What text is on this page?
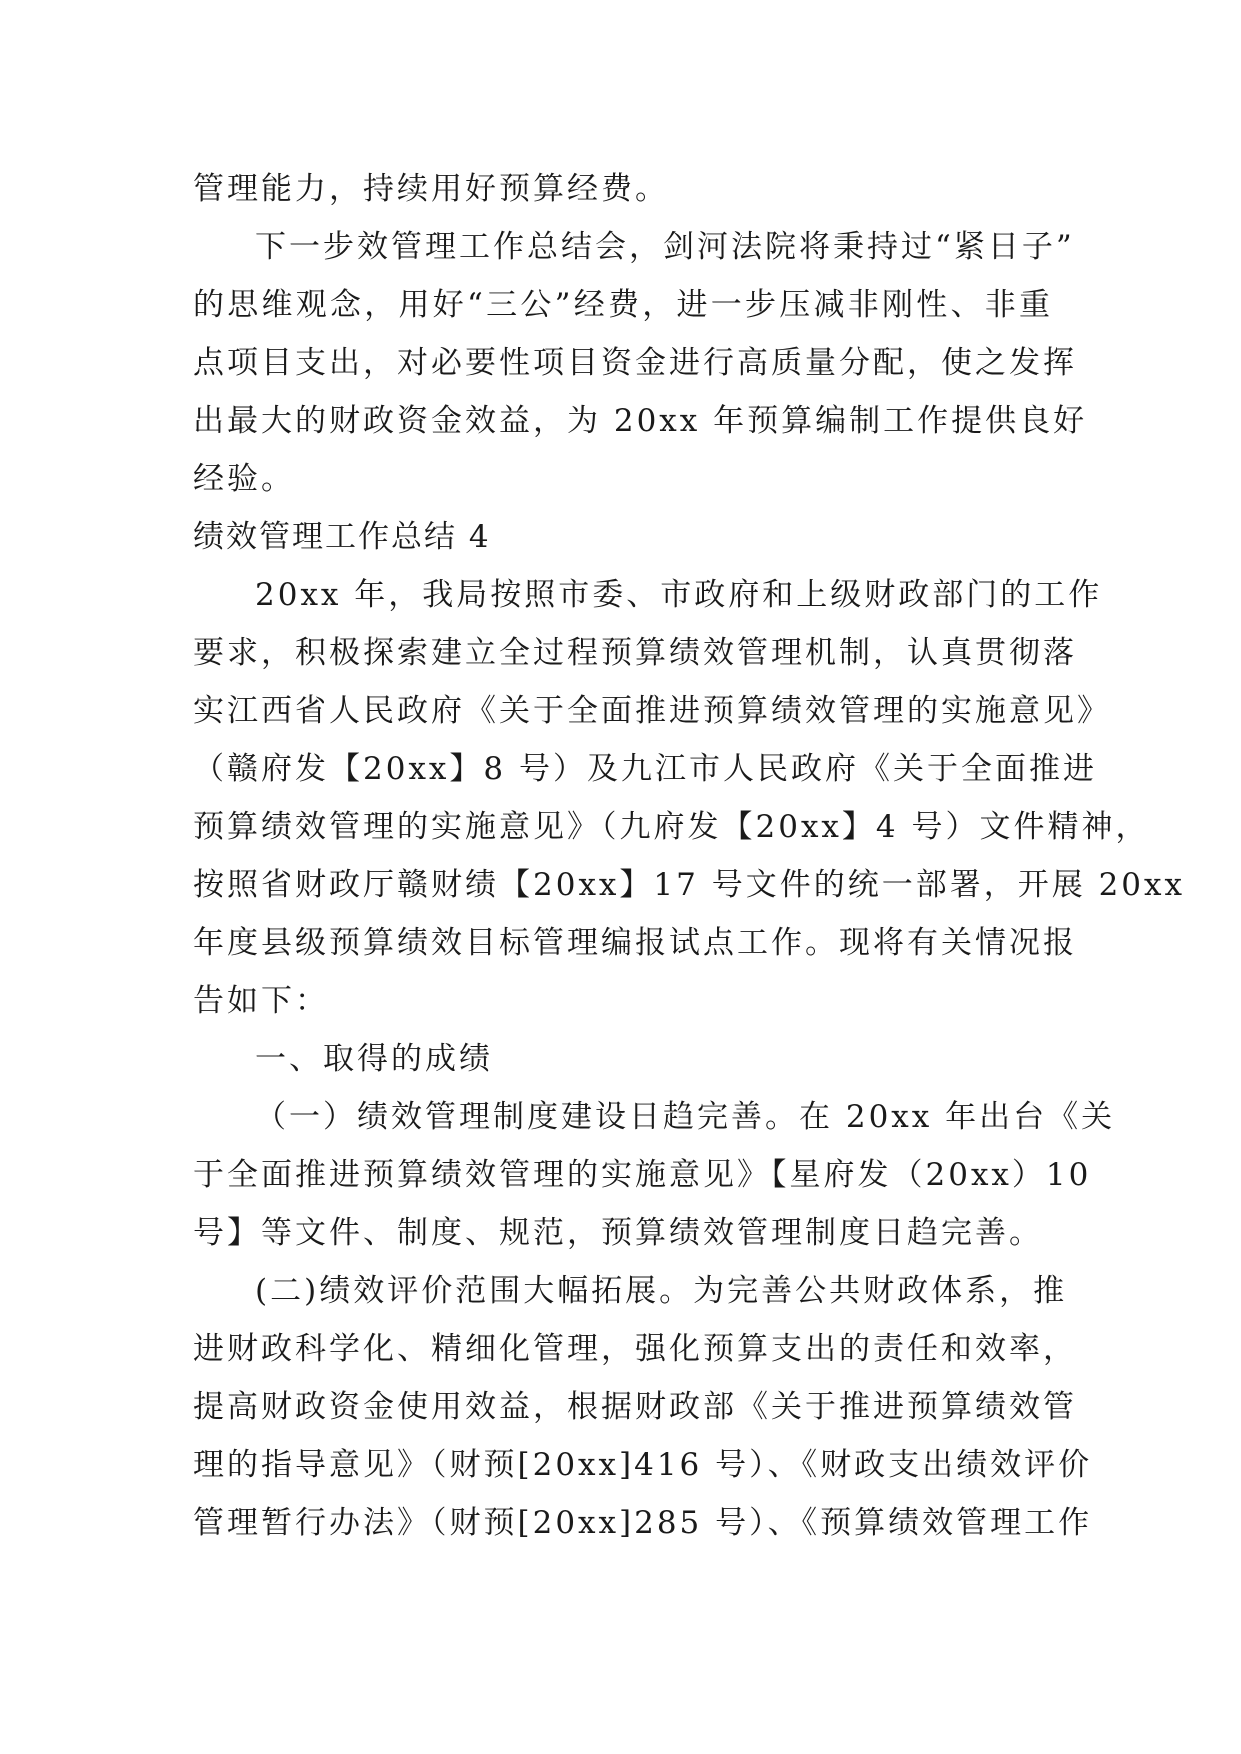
管理能力，持续用好预算经费。
下一步效管理工作总结会，剑河法院将秉持过“紧日子”
的思维观念，用好“三公”经费，进一步压减非刚性、非重
点项目支出，对必要性项目资金进行高质量分配，使之发挥
出最大的财政资金效益，为 20xx 年预算编制工作提供良好
经验。
绩效管理工作总结 4
20xx 年，我局按照市委、市政府和上级财政部门的工作
要求，积极探索建立全过程预算绩效管理机制，认真贯彻落
实江西省人民政府《关于全面推进预算绩效管理的实施意见》
（赣府发【20xx】8 号）及九江市人民政府《关于全面推进
预算绩效管理的实施意见》（九府发【20xx】4 号）文件精神，
按照省财政厅赣财绩【20xx】17 号文件的统一部署，开展 20xx
年度县级预算绩效目标管理编报试点工作。现将有关情况报
告如下：
一、取得的成绩
（一）绩效管理制度建设日趋完善。在 20xx 年出台《关
于全面推进预算绩效管理的实施意见》【星府发（20xx）10
号】等文件、制度、规范，预算绩效管理制度日趋完善。
(二)绩效评价范围大幅拓展。为完善公共财政体系，推
进财政科学化、精细化管理，强化预算支出的责任和效率，
提高财政资金使用效益，根据财政部《关于推进预算绩效管
理的指导意见》（财预[20xx]416 号）、《财政支出绩效评价
管理暂行办法》（财预[20xx]285 号）、《预算绩效管理工作
